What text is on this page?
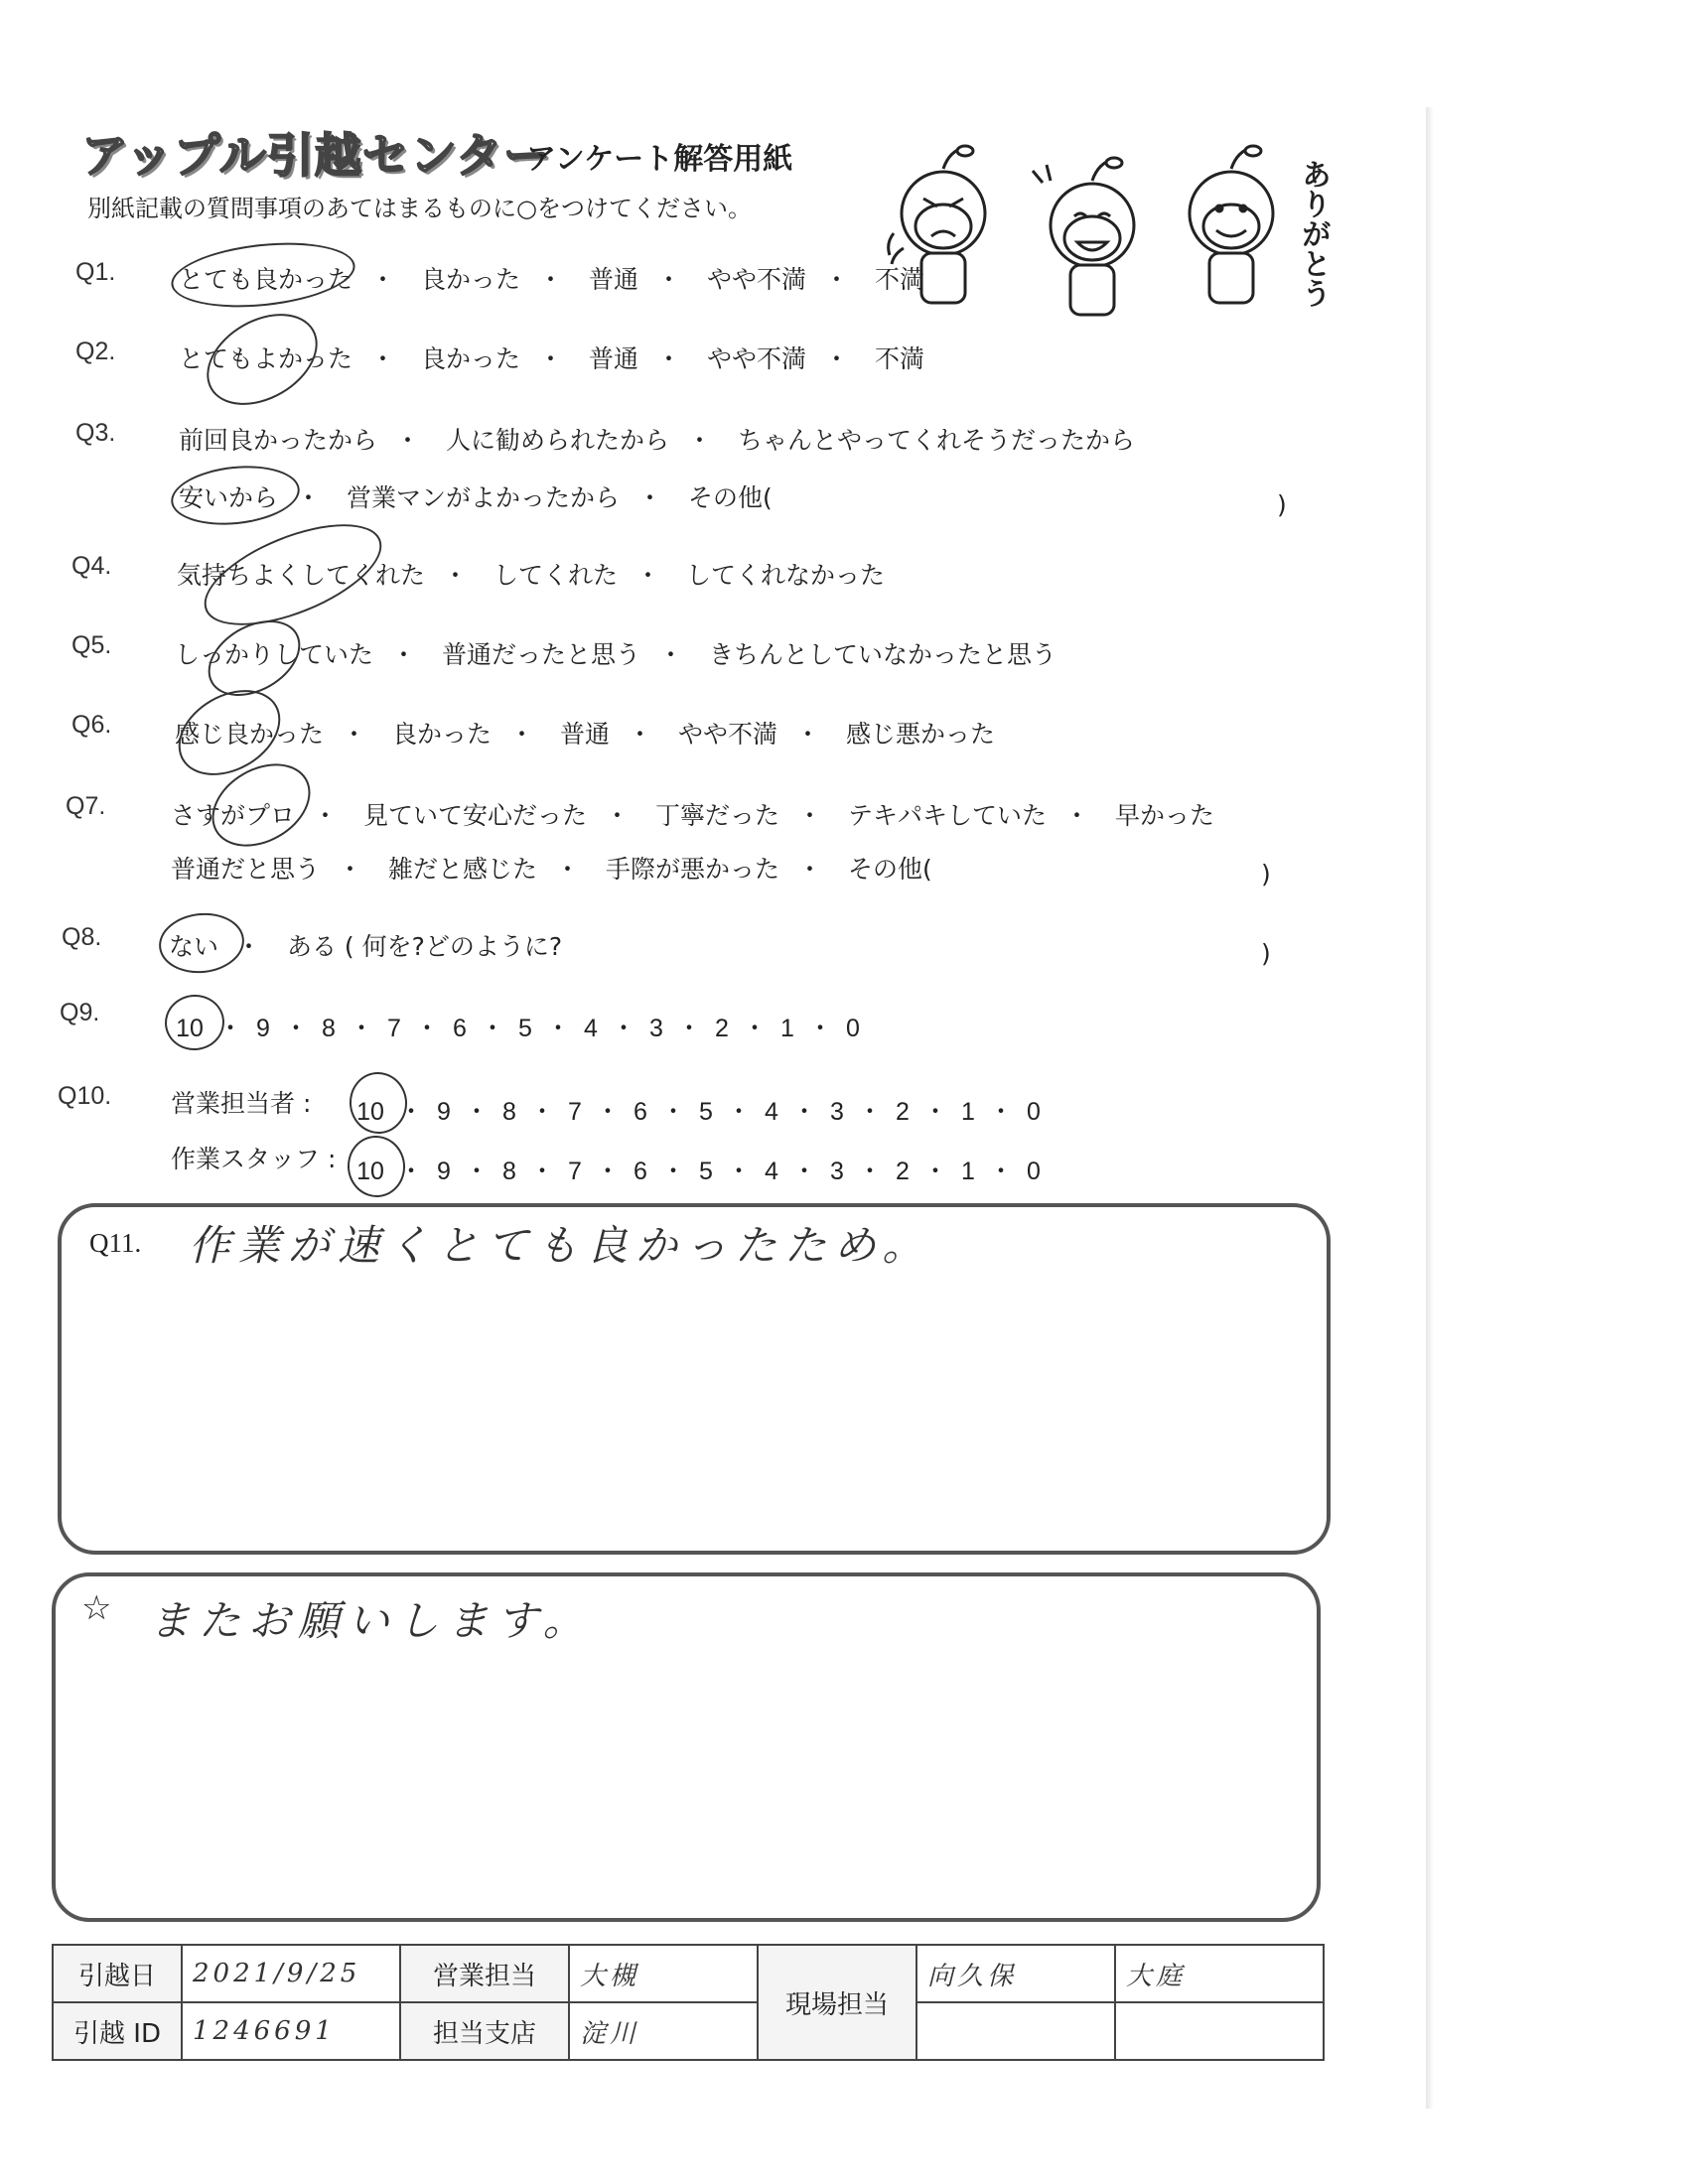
アップル引越センター
アンケート解答用紙
別紙記載の質問事項のあてはまるものに○をつけてください。	ありがとう
Q1.	とても良かった ・ 良かった ・ 普通 ・ やや不満 ・ 不満
Q2.	とてもよかった ・ 良かった ・ 普通 ・ やや不満 ・ 不満
Q3.	前回良かったから ・ 人に勧められたから ・ ちゃんとやってくれそうだったから
安いから ・ 営業マンがよかったから ・ その他(	)
Q4.	気持ちよくしてくれた ・ してくれた ・ してくれなかった
Q5.	しっかりしていた ・ 普通だったと思う ・ きちんとしていなかったと思う
Q6.	感じ良かった ・ 良かった ・ 普通 ・ やや不満 ・ 感じ悪かった
Q7.	さすがプロ ・ 見ていて安心だった ・ 丁寧だった ・ テキパキしていた ・ 早かった
普通だと思う ・ 雑だと感じた ・ 手際が悪かった ・ その他(	)
Q8.	ない ・ ある ( 何を?どのように?	)
Q9.
10 ・ 9 ・ 8 ・ 7 ・ 6 ・ 5 ・ 4 ・ 3 ・ 2 ・ 1 ・ 0
Q10. 営業担当者 : 10 ・ 9 ・ 8 ・ 7 ・ 6 ・ 5 ・ 4 ・ 3 ・ 2 ・ 1 ・ 0
作業スタッフ : 10 ・ 9 ・ 8 ・ 7 ・ 6 ・ 5 ・ 4 ・ 3 ・ 2 ・ 1 ・ 0
Q11. 作業が速くとても良かったため。
☆ またお願いします。
引越日	2021/9/25	営業担当	大槻	現場担当	向久保	大庭
引越 ID	1246691	担当支店	淀川			
